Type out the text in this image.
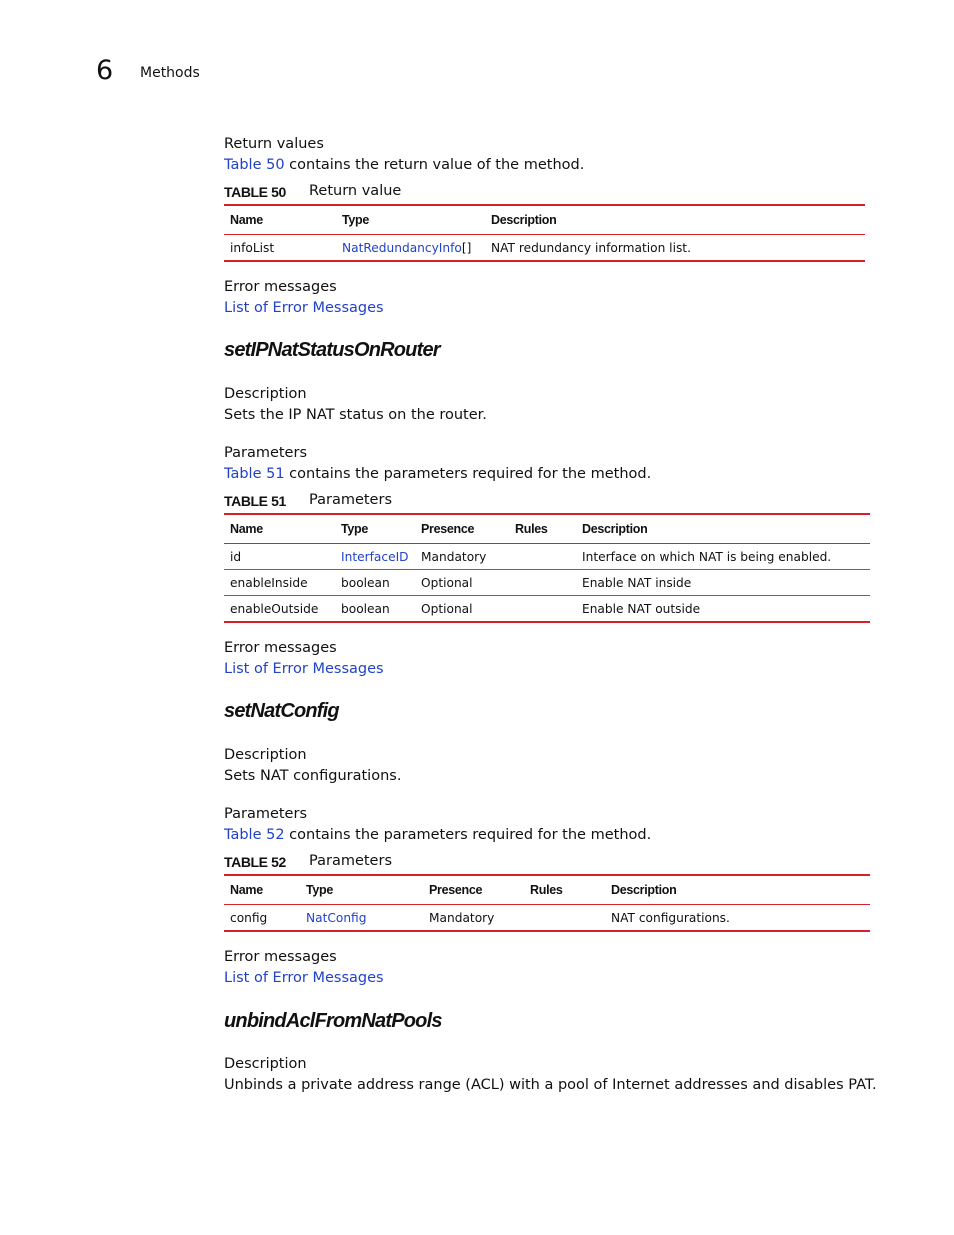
6 Methods
Return values
Table 50 contains the return value of the method.
TABLE 50 Return value
Name	Type	Description
infoList	NatRedundancyInfo[]	NAT redundancy information list.
Error messages
List of Error Messages
setIPNatStatusOnRouter
Description
Sets the IP NAT status on the router.
Parameters
Table 51 contains the parameters required for the method.
TABLE 51 Parameters
Name	Type	Presence	Rules	Description
id	InterfaceID	Mandatory		Interface on which NAT is being enabled.
enableInside	boolean	Optional		Enable NAT inside
enableOutside	boolean	Optional		Enable NAT outside
Error messages
List of Error Messages
setNatConfig
Description
Sets NAT configurations.
Parameters
Table 52 contains the parameters required for the method.
TABLE 52 Parameters
Name	Type	Presence	Rules	Description
config	NatConfig	Mandatory		NAT configurations.
Error messages
List of Error Messages
unbindAclFromNatPools
Description
Unbinds a private address range (ACL) with a pool of Internet addresses and disables PAT.
